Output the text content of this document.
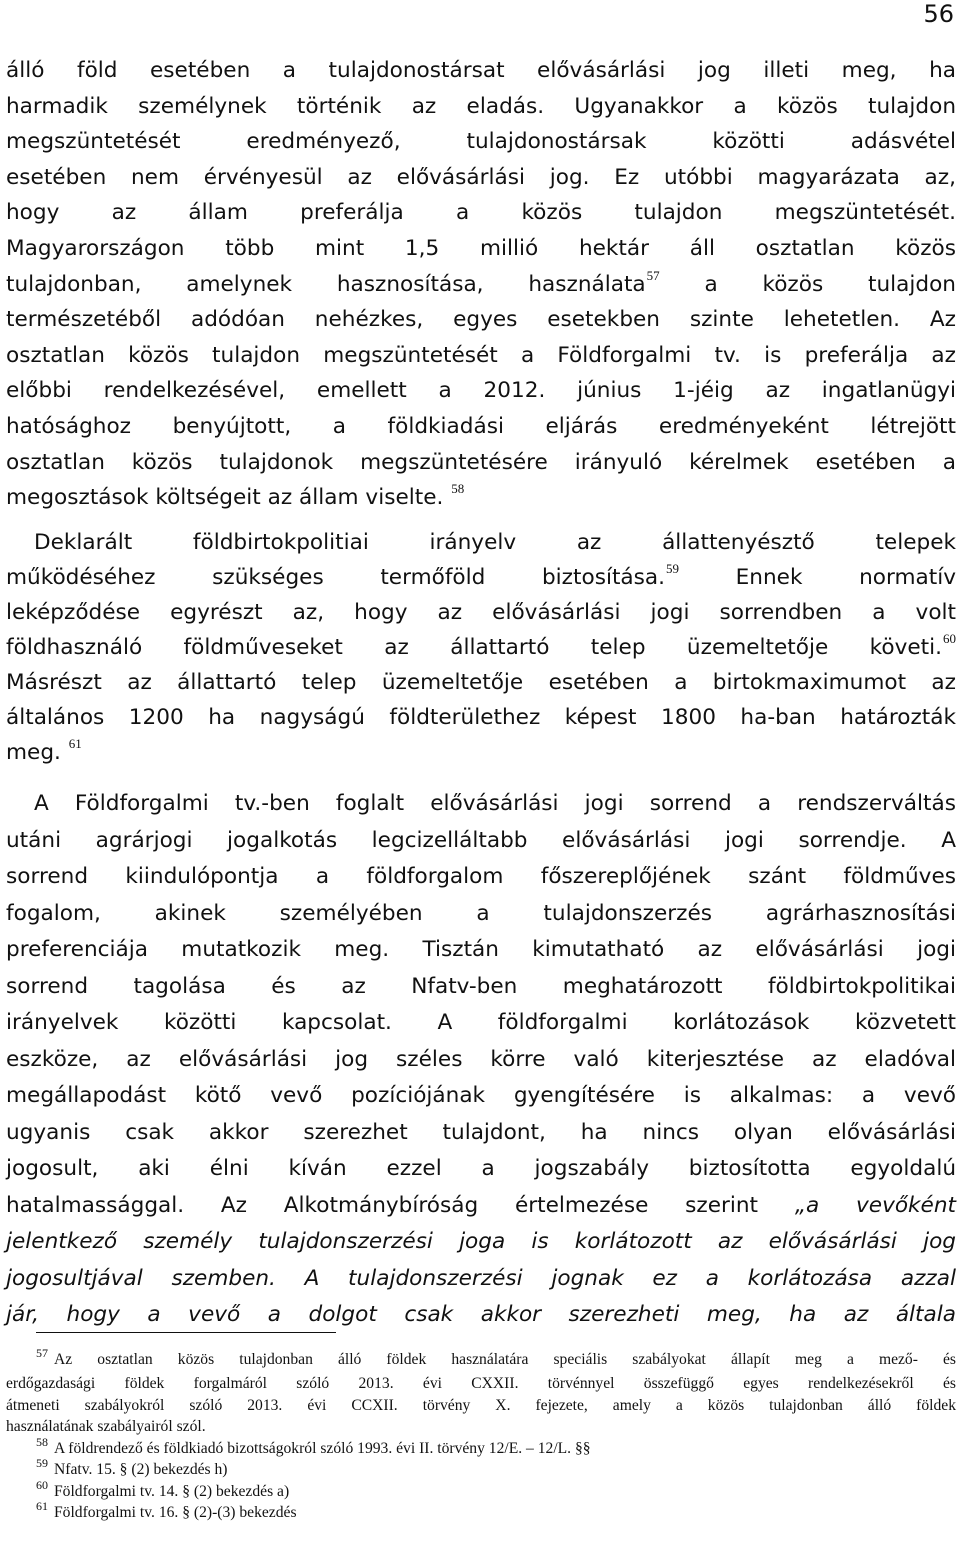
56
álló föld esetében a tulajdonostársat elővásárlási jog illeti meg, ha
harmadik személynek történik az eladás. Ugyanakkor a közös tulajdon
megszüntetését eredményező, tulajdonostársak közötti adásvétel
esetében nem érvényesül az elővásárlási jog. Ez utóbbi magyarázata az,
hogy az állam preferálja a közös tulajdon megszüntetését.
Magyarországon több mint 1,5 millió hektár áll osztatlan közös
tulajdonban, amelynek hasznosítása, használata$^{57}$ a közös tulajdon
természetéből adódóan nehézkes, egyes esetekben szinte lehetetlen. Az
osztatlan közös tulajdon megszüntetését a Földforgalmi tv. is preferálja az
előbbi rendelkezésével, emellett a 2012. június 1-jéig az ingatlanügyi
hatósághoz benyújtott, a földkiadási eljárás eredményeként létrejött
osztatlan közös tulajdonok megszüntetésére irányuló kérelmek esetében a
megosztások költségeit az állam viselte. $^{58}$
Deklarált földbirtokpolitiai irányelv az állattenyésztő telepek
működéséhez szükséges termőföld biztosítása.$^{59}$	Ennek normatív
leképződése egyrészt az, hogy az elővásárlási jogi sorrendben a volt
földhasználó földműveseket az állattartó telep üzemeltetője követi.$^{60}$
Másrészt az állattartó telep üzemeltetője esetében a birtokmaximumot az
általános 1200 ha nagyságú földterülethez képest 1800 ha-ban határozták
meg. $^{61}$
A Földforgalmi tv.-ben foglalt elővásárlási jogi sorrend a rendszerváltás
utáni agrárjogi jogalkotás legcizelláltabb elővásárlási jogi sorrendje. A
sorrend kiindulópontja a földforgalom főszereplőjének szánt földműves
fogalom, akinek személyében a tulajdonszerzés agrárhasznosítási
preferenciája mutatkozik meg. Tisztán kimutatható az elővásárlási jogi
sorrend tagolása és az Nfatv-ben meghatározott földbirtokpolitikai
irányelvek közötti kapcsolat. A földforgalmi korlátozások közvetett
eszköze, az elővásárlási jog széles körre való kiterjesztése az eladóval
megállapodást kötő vevő pozíciójának gyengítésére is alkalmas: a vevő
ugyanis csak akkor szerezhet tulajdont, ha nincs olyan elővásárlási
jogosult, aki élni kíván ezzel a jogszabály biztosította egyoldalú
hatalmassággal. Az Alkotmánybíróság értelmezése szerint „a vevőként
jelentkező személy tulajdonszerzési joga is korlátozott az elővásárlási jog
jogosultjával szemben. A tulajdonszerzési jognak ez a korlátozása azzal
jár, hogy a vevő a dolgot csak akkor szerezheti meg, ha az általa
$^{57}$ Az osztatlan közös tulajdonban álló földek használatára speciális szabályokat állapít meg a mező- és
erdőgazdasági földek forgalmáról szóló 2013. évi CXXII. törvénnyel összefüggő egyes rendelkezésekről és
átmeneti szabályokról szóló 2013. évi CCXII. törvény X. fejezete, amely a közös tulajdonban álló földek
használatának szabályairól szól.
$^{58}$ A földrendező és földkiadó bizottságokról szóló 1993. évi II. törvény 12/E. – 12/L. §§
$^{59}$ Nfatv. 15. § (2) bekezdés h)
$^{60}$ Földforgalmi tv. 14. § (2) bekezdés a)
$^{61}$ Földforgalmi tv. 16. § (2)-(3) bekezdés
